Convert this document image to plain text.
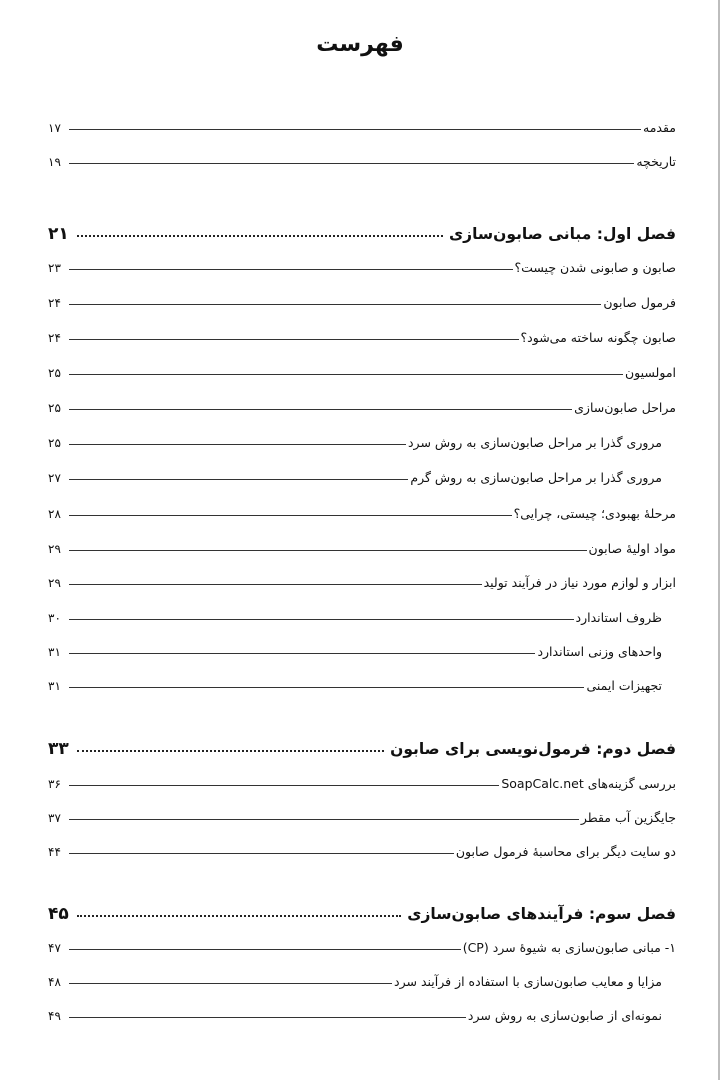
فهرست
مقدمه
۱۷
تاریخچه
۱۹
فصل اول: مبانی صابون‌سازی
۲۱
صابون و صابونی شدن چیست؟
۲۳
فرمول صابون
۲۴
صابون چگونه ساخته می‌شود؟
۲۴
امولسیون
۲۵
مراحل صابون‌سازی
۲۵
مروری گذرا بر مراحل صابون‌سازی به روش سرد
۲۵
مروری گذرا بر مراحل صابون‌سازی به روش گرم
۲۷
مرحلهٔ بهبودی؛ چیستی، چرایی؟
۲۸
مواد اولیهٔ صابون
۲۹
ابزار و لوازم مورد نیاز در فرآیند تولید
۲۹
ظروف استاندارد
۳۰
واحدهای وزنی استاندارد
۳۱
تجهیزات ایمنی
۳۱
فصل دوم: فرمول‌نویسی برای صابون
۳۳
بررسی گزینه‌های SoapCalc.net
۳۶
جایگزین آب مقطر
۳۷
دو سایت دیگر برای محاسبهٔ فرمول صابون
۴۴
فصل سوم: فرآیندهای صابون‌سازی
۴۵
۱- مبانی صابون‌سازی به شیوهٔ سرد (CP)
۴۷
مزایا و معایب صابون‌سازی با استفاده از فرآیند سرد
۴۸
نمونه‌ای از صابون‌سازی به روش سرد
۴۹
